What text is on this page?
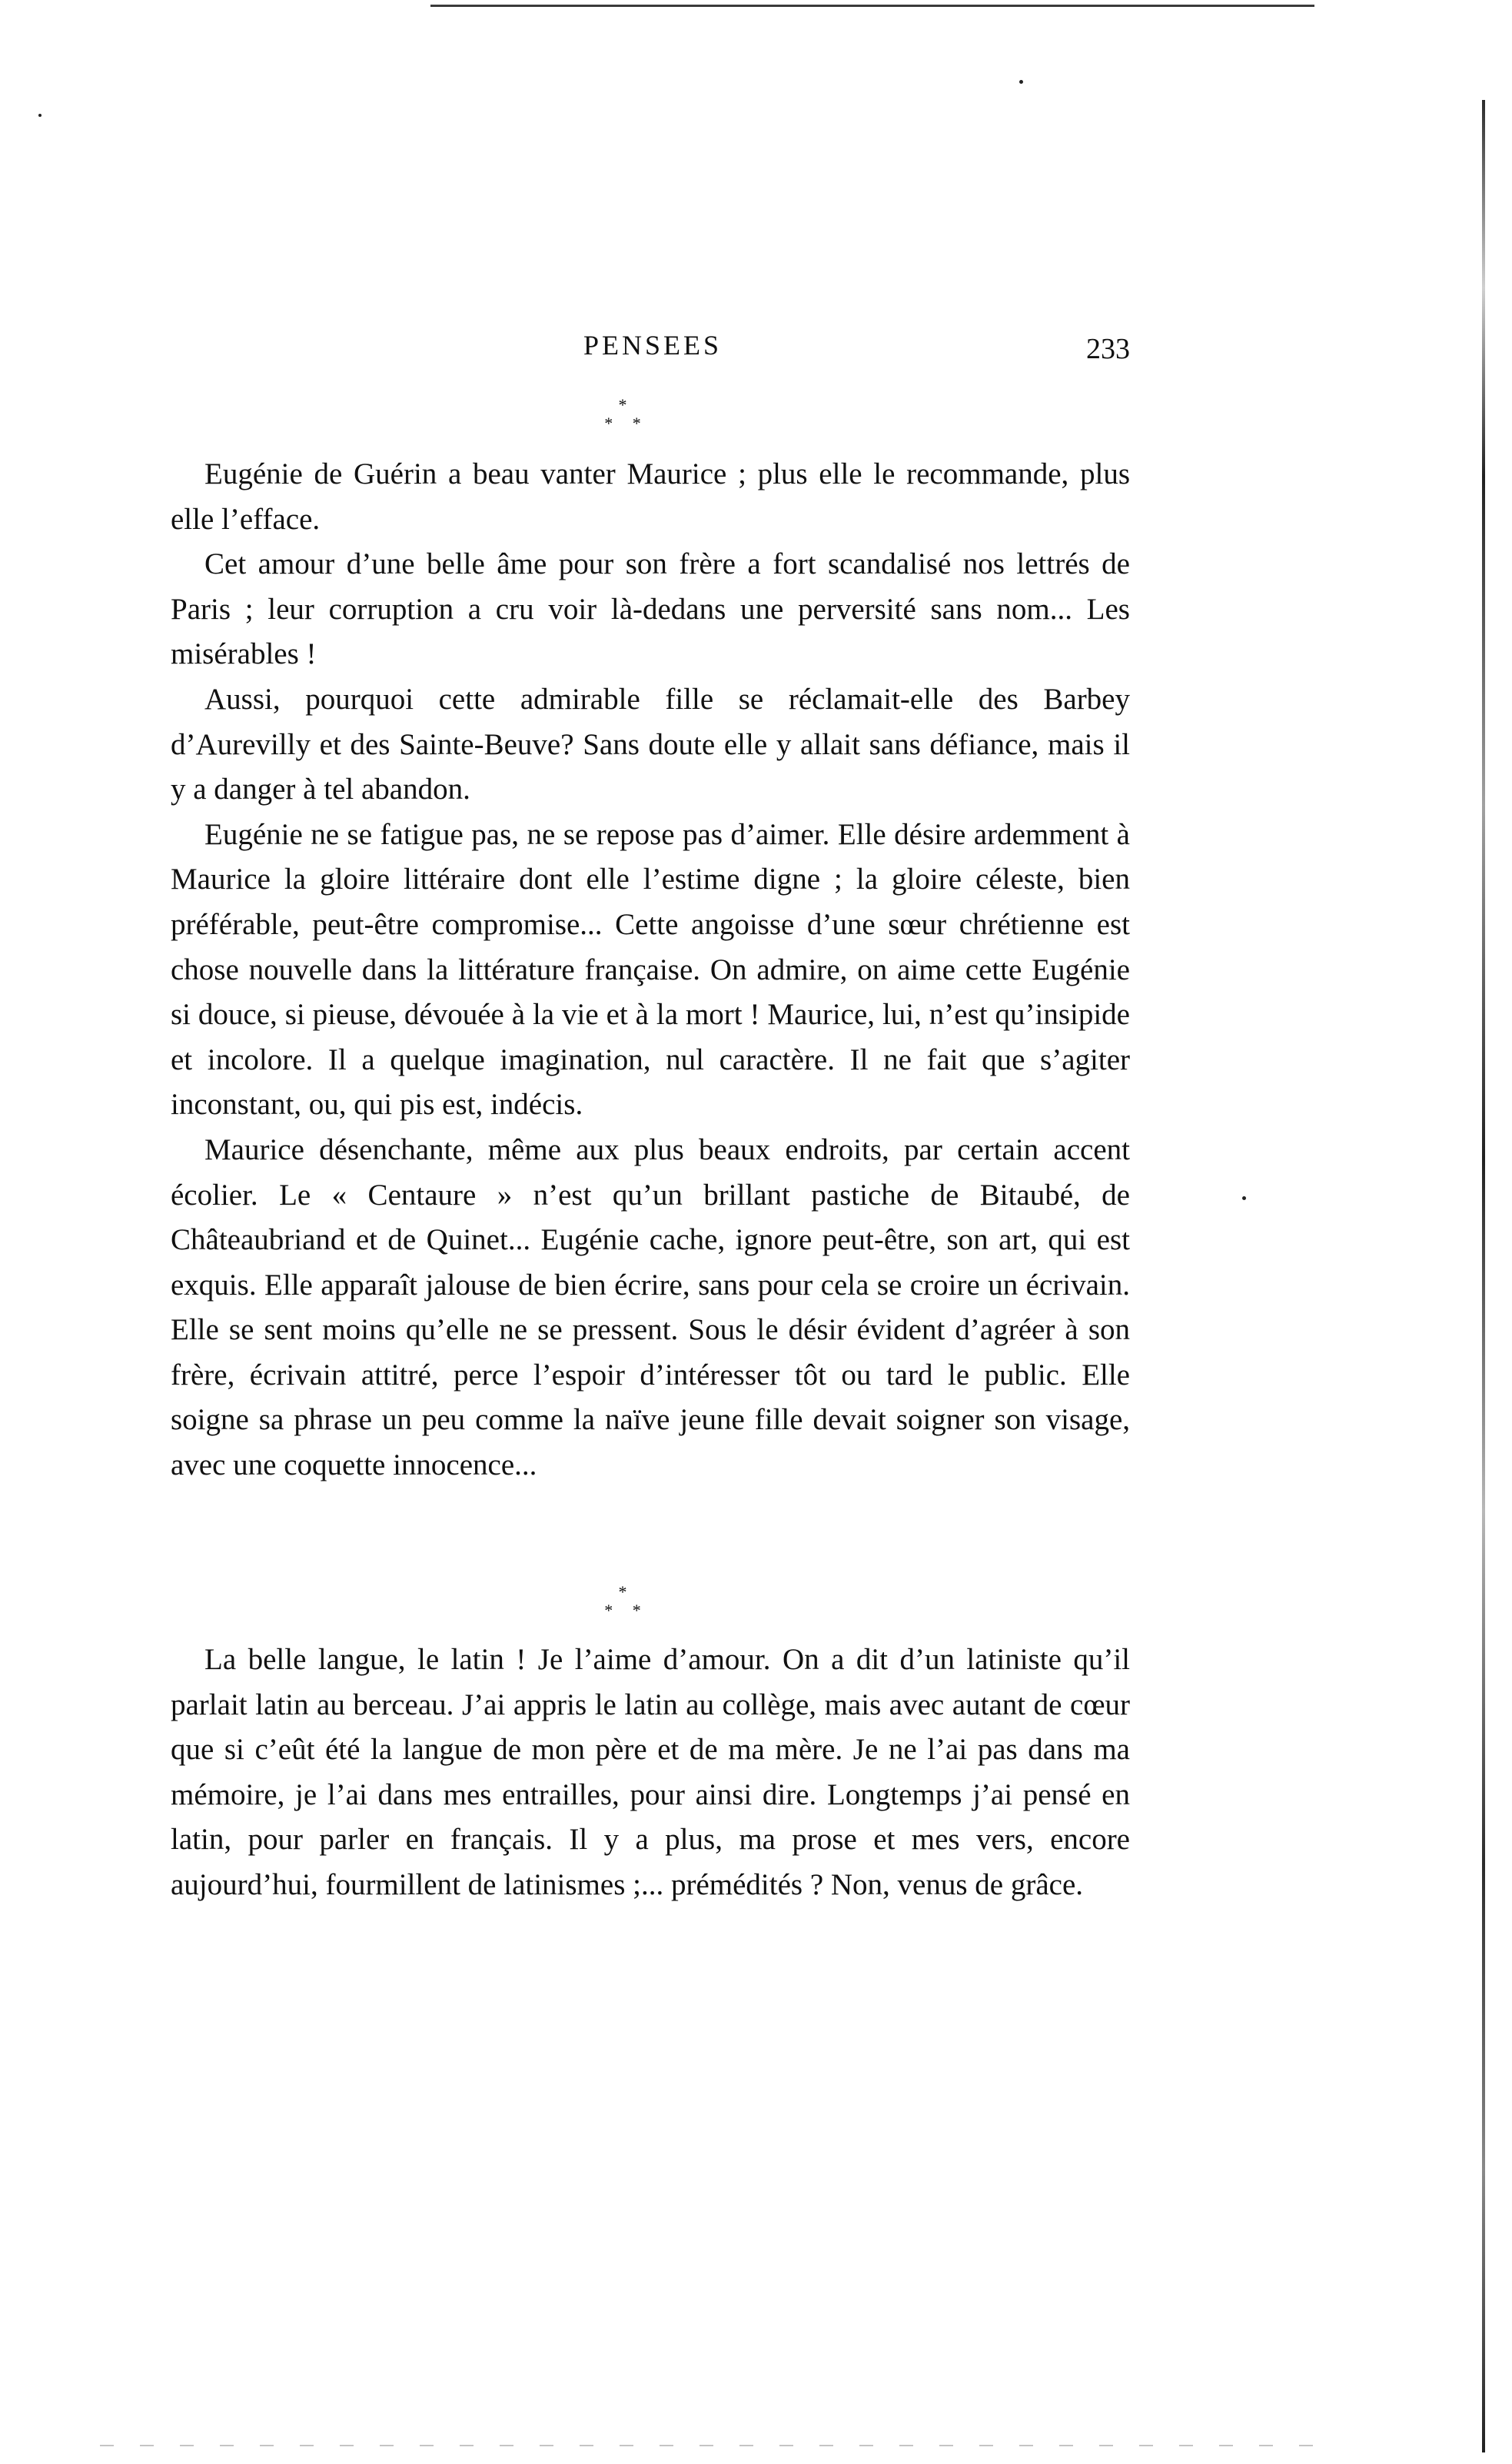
PENSEES	233
*
* *

Eugénie de Guérin a beau vanter Maurice ; plus elle le recommande, plus elle l’efface.

Cet amour d’une belle âme pour son frère a fort scandalisé nos lettrés de Paris ; leur corruption a cru voir là-dedans une perversité sans nom... Les misérables !

Aussi, pourquoi cette admirable fille se réclamait-elle des Barbey d’Aurevilly et des Sainte-Beuve? Sans doute elle y allait sans défiance, mais il y a danger à tel abandon.

Eugénie ne se fatigue pas, ne se repose pas d’aimer. Elle désire ardemment à Maurice la gloire littéraire dont elle l’estime digne ; la gloire céleste, bien préférable, peut-être compromise... Cette angoisse d’une sœur chrétienne est chose nouvelle dans la littérature française. On admire, on aime cette Eugénie si douce, si pieuse, dévouée à la vie et à la mort ! Maurice, lui, n’est qu’insipide et incolore. Il a quelque imagination, nul caractère. Il ne fait que s’agiter inconstant, ou, qui pis est, indécis.

Maurice désenchante, même aux plus beaux endroits, par certain accent écolier. Le « Centaure » n’est qu’un brillant pastiche de Bitaubé, de Châteaubriand et de Quinet... Eugénie cache, ignore peut-être, son art, qui est exquis. Elle apparaît jalouse de bien écrire, sans pour cela se croire un écrivain. Elle se sent moins qu’elle ne se pressent. Sous le désir évident d’agréer à son frère, écrivain attitré, perce l’espoir d’intéresser tôt ou tard le public. Elle soigne sa phrase un peu comme la naïve jeune fille devait soigner son visage, avec une coquette innocence...

*
* *

La belle langue, le latin ! Je l’aime d’amour. On a dit d’un latiniste qu’il parlait latin au berceau. J’ai appris le latin au collège, mais avec autant de cœur que si c’eût été la langue de mon père et de ma mère. Je ne l’ai pas dans ma mémoire, je l’ai dans mes entrailles, pour ainsi dire. Longtemps j’ai pensé en latin, pour parler en français. Il y a plus, ma prose et mes vers, encore aujourd’hui, fourmillent de latinismes ;... prémédités ? Non, venus de grâce.
